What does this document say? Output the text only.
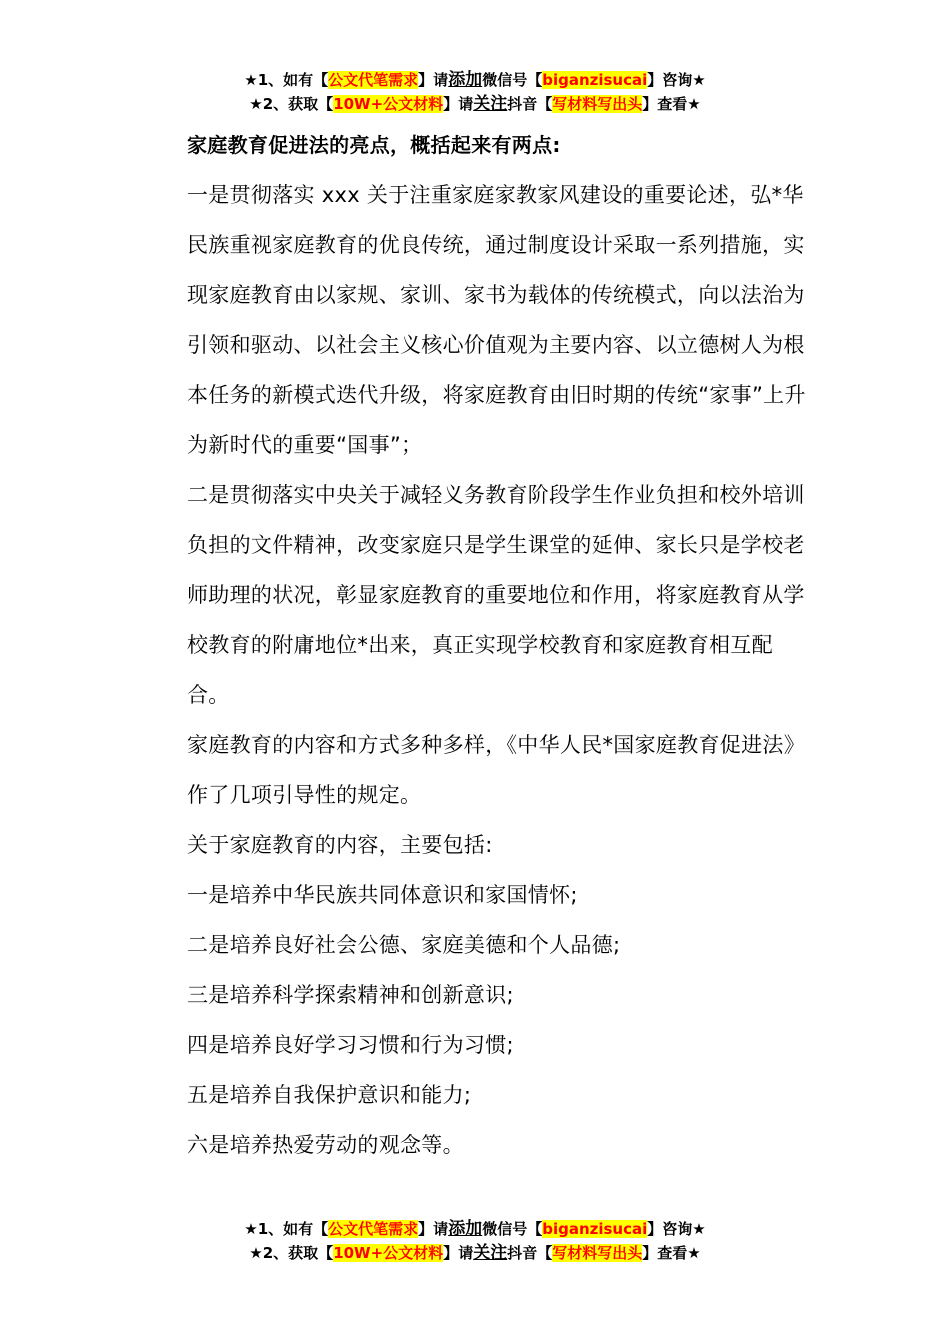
★1、如有【公文代笔需求】请添加微信号【biganzisucai】咨询★
★2、获取【10W+公文材料】请关注抖音【写材料写出头】查看★

家庭教育促进法的亮点，概括起来有两点:

一是贯彻落实 xxx 关于注重家庭家教家风建设的重要论述，弘*华民族重视家庭教育的优良传统，通过制度设计采取一系列措施，实现家庭教育由以家规、家训、家书为载体的传统模式，向以法治为引领和驱动、以社会主义核心价值观为主要内容、以立德树人为根本任务的新模式迭代升级，将家庭教育由旧时期的传统“家事”上升为新时代的重要“国事”；

二是贯彻落实中央关于减轻义务教育阶段学生作业负担和校外培训负担的文件精神，改变家庭只是学生课堂的延伸、家长只是学校老师助理的状况，彰显家庭教育的重要地位和作用，将家庭教育从学校教育的附庸地位*出来，真正实现学校教育和家庭教育相互配合。

家庭教育的内容和方式多种多样，《中华人民*国家庭教育促进法》作了几项引导性的规定。

关于家庭教育的内容，主要包括:

一是培养中华民族共同体意识和家国情怀;

二是培养良好社会公德、家庭美德和个人品德;

三是培养科学探索精神和创新意识;

四是培养良好学习习惯和行为习惯;

五是培养自我保护意识和能力;

六是培养热爱劳动的观念等。

★1、如有【公文代笔需求】请添加微信号【biganzisucai】咨询★
★2、获取【10W+公文材料】请关注抖音【写材料写出头】查看★
